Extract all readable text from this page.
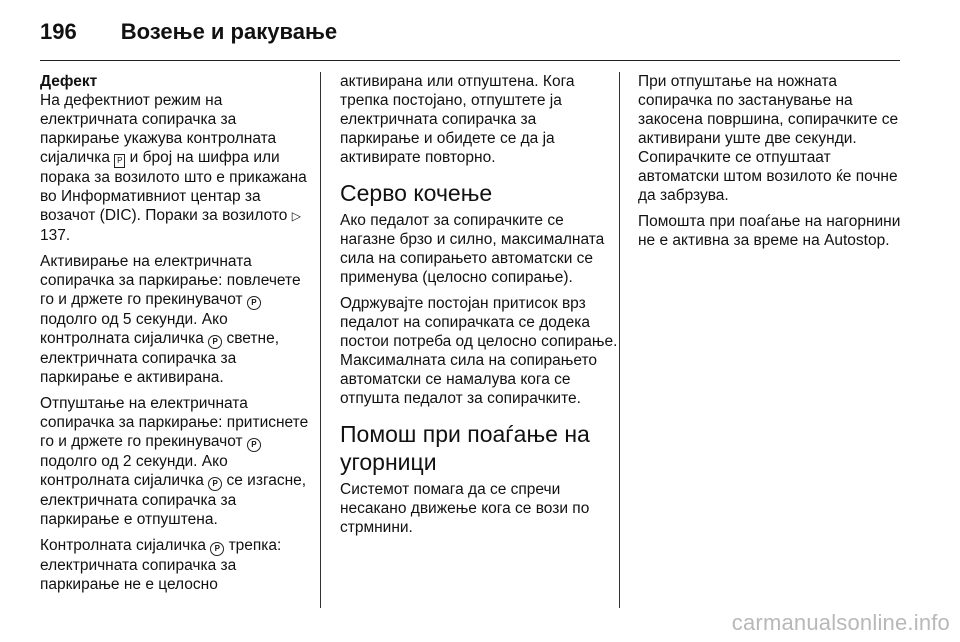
196 Возење и ракување

Дефект

На дефектниот режим на електричната сопирачка за паркирање укажува контролната сијаличка P и број на шифра или порака за возилото што е прикажана во Информативниот центар за возачот (DIC). Пораки за возилото ▷ 137.

Активирање на електричната сопирачка за паркирање: повлечете го и држете го прекинувачот P подолго од 5 секунди. Ако контролната сијаличка P светне, електричната сопирачка за паркирање е активирана.

Отпуштање на електричната сопирачка за паркирање: притиснете го и држете го прекинувачот P подолго од 2 секунди. Ако контролната сијаличка P се изгасне, електричната сопирачка за паркирање е отпуштена.

Контролната сијаличка P трепка: електричната сопирачка за паркирање не е целосно

активирана или отпуштена. Кога трепка постојано, отпуштете ја електричната сопирачка за паркирање и обидете се да ја активирате повторно.

Серво кочење

Ако педалот за сопирачките се нагазне брзо и силно, максималната сила на сопирањето автоматски се применува (целосно сопирање).

Одржувајте постојан притисок врз педалот на сопирачката се додека постои потреба од целосно сопирање. Максималната сила на сопирањето автоматски се намалува кога се отпушта педалот за сопирачките.

Помош при поаѓање на угорници

Системот помага да се спречи несакано движење кога се вози по стрмнини.

При отпуштање на ножната сопирачка по застанување на закосена површина, сопирачките се активирани уште две секунди. Сопирачките се отпуштаат автоматски штом возилото ќе почне да забрзува.

Помошта при поаѓање на нагорнини не е активна за време на Autostop.

carmanualsonline.info
